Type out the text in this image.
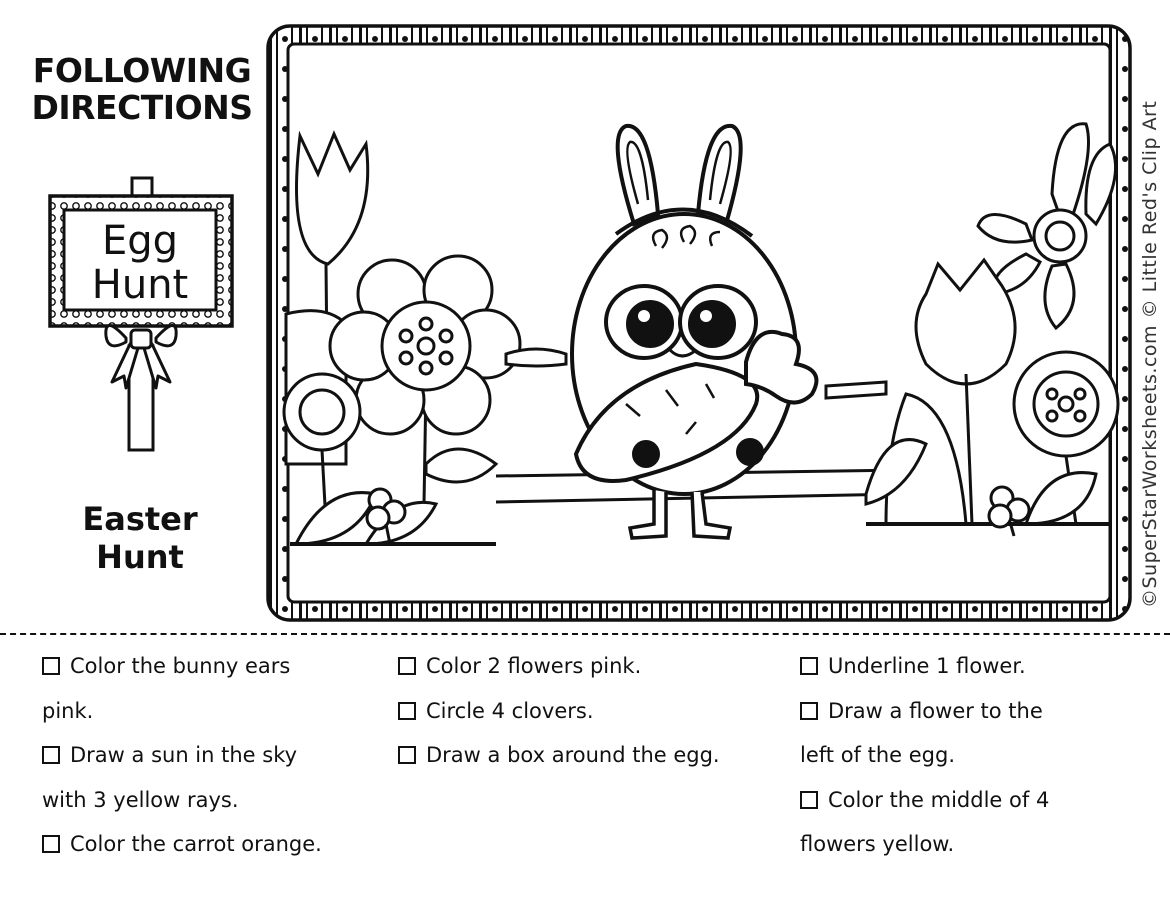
FOLLOWING
DIRECTIONS
Egg
Hunt
Easter
Hunt	©SuperStarWorksheets.com © Little Red's Clip Art

Color the bunny ears

pink.

Draw a sun in the sky

with 3 yellow rays.

Color the carrot orange.

Color 2 flowers pink.

Circle 4 clovers.

Draw a box around the egg.

Underline 1 flower.

Draw a flower to the

left of the egg.

Color the middle of 4

flowers yellow.
